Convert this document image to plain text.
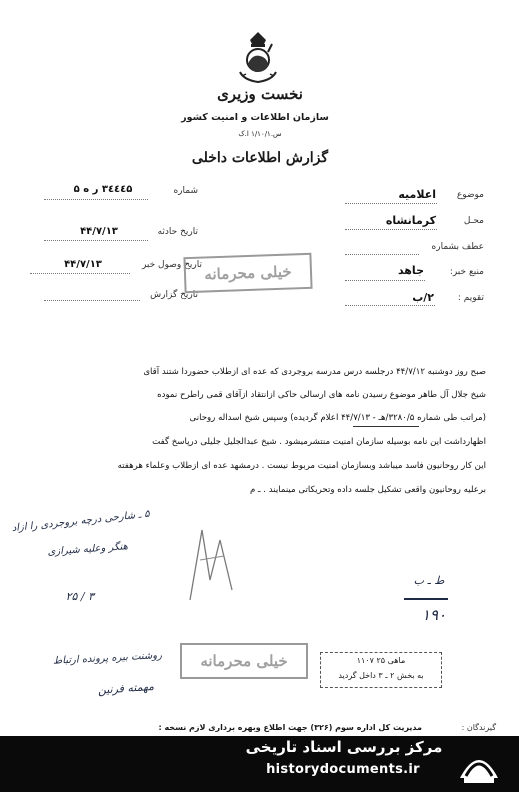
نخست وزیری
سازمان اطلاعات و امنیت کشور
س.۱/۱۰/۱ ا.ک
گزارش اطلاعات داخلی
موضوع
اعلامیه
محـل
کرمانشاه
عطف بشماره
منبع خبر:
جاهد
تقویم :
۲/ب
شماره
۳٤٤٤۵ ر ه ۵
تاریخ حادثه
۴۴/۷/۱۳
تاریخ وصول خبر
۴۴/۷/۱۳
تاریخ گزارش
خیلی محرمانه
صبح روز دوشنبه ۴۴/۷/۱۲ درجلسه درس مدرسه بروجردی که عده ای ازطلاب حضوردا شتند آقای
شیخ جلال آل طاهر موضوع رسیدن نامه های ارسالی حاکی ازانتقاد ازآقای قمی راطرح نموده
(مراتب طی شماره ۳۲۸۰/۵/هـ - ۴۴/۷/۱۳ اعلام گردیده) وسپس شیخ اسداله روحانی
اظهارداشت این نامه بوسیله سازمان امنیت منتشرمیشود . شیخ عبدالجلیل جلیلی درپاسخ گفت
این کار روحانیون فاسد میباشد وبسازمان امنیت مربوط نیست . درمشهد عده ای ازطلاب وعلماء هرهفته
برعلیه روحانیون واقعی تشکیل جلسه داده وتحریکاتی مینمایند . ـ م
۵ ـ شارحی درچه بروجردی را ازاد
هنگر وعلیه شیرازی
۲۵ / ۳
روشنت بیره پرونده ارتباط
مهمته فرنین
ط ـ ب
۱۹۰
خیلی محرمانه	ماهی ۲۵ ۱۱۰۷
به بخش ۲ ـ ۳ داخل گردید
گیرندگان :
مدیریت کل اداره سوم (۳۲۶) جهت اطلاع وبهره برداری لازم نسخه :
مرکز بررسی اسناد تاریخی
historydocuments.ir
